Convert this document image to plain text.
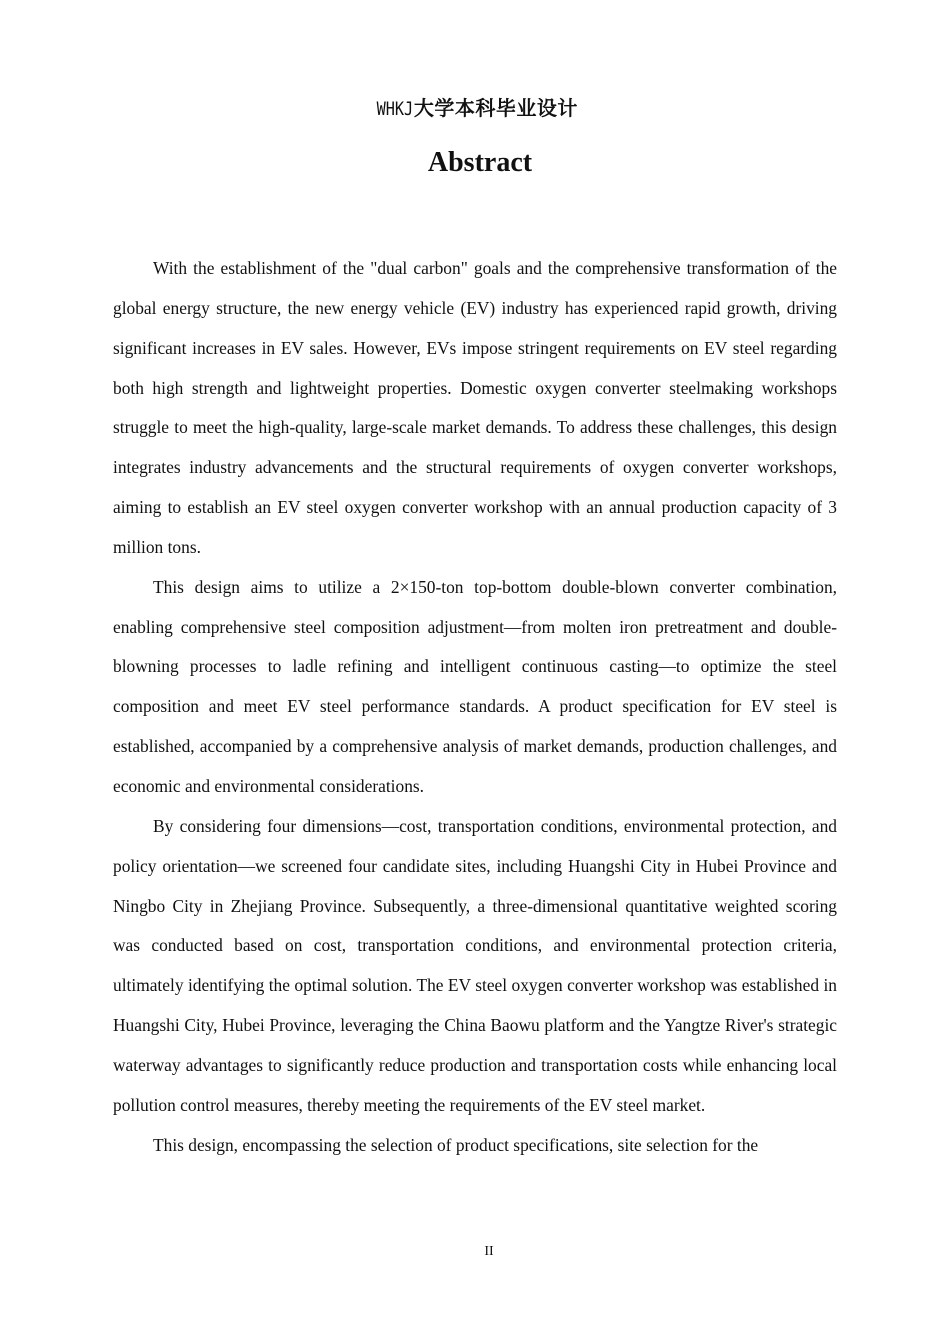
WHKJ大学本科毕业设计
Abstract

With the establishment of the "dual carbon" goals and the comprehensive transformation of the global energy structure, the new energy vehicle (EV) industry has experienced rapid growth, driving significant increases in EV sales. However, EVs impose stringent requirements on EV steel regarding both high strength and lightweight properties. Domestic oxygen converter steelmaking workshops struggle to meet the high-quality, large-scale market demands. To address these challenges, this design integrates industry advancements and the structural requirements of oxygen converter workshops, aiming to establish an EV steel oxygen converter workshop with an annual production capacity of 3 million tons.

This design aims to utilize a 2×150-ton top-bottom double-blown converter combination, enabling comprehensive steel composition adjustment—from molten iron pretreatment and double-blowning processes to ladle refining and intelligent continuous casting—to optimize the steel composition and meet EV steel performance standards. A product specification for EV steel is established, accompanied by a comprehensive analysis of market demands, production challenges, and economic and environmental considerations.

By considering four dimensions—cost, transportation conditions, environmental protection, and policy orientation—we screened four candidate sites, including Huangshi City in Hubei Province and Ningbo City in Zhejiang Province. Subsequently, a three-dimensional quantitative weighted scoring was conducted based on cost, transportation conditions, and environmental protection criteria, ultimately identifying the optimal solution. The EV steel oxygen converter workshop was established in Huangshi City, Hubei Province, leveraging the China Baowu platform and the Yangtze River's strategic waterway advantages to significantly reduce production and transportation costs while enhancing local pollution control measures, thereby meeting the requirements of the EV steel market.

This design, encompassing the selection of product specifications, site selection for the

II
